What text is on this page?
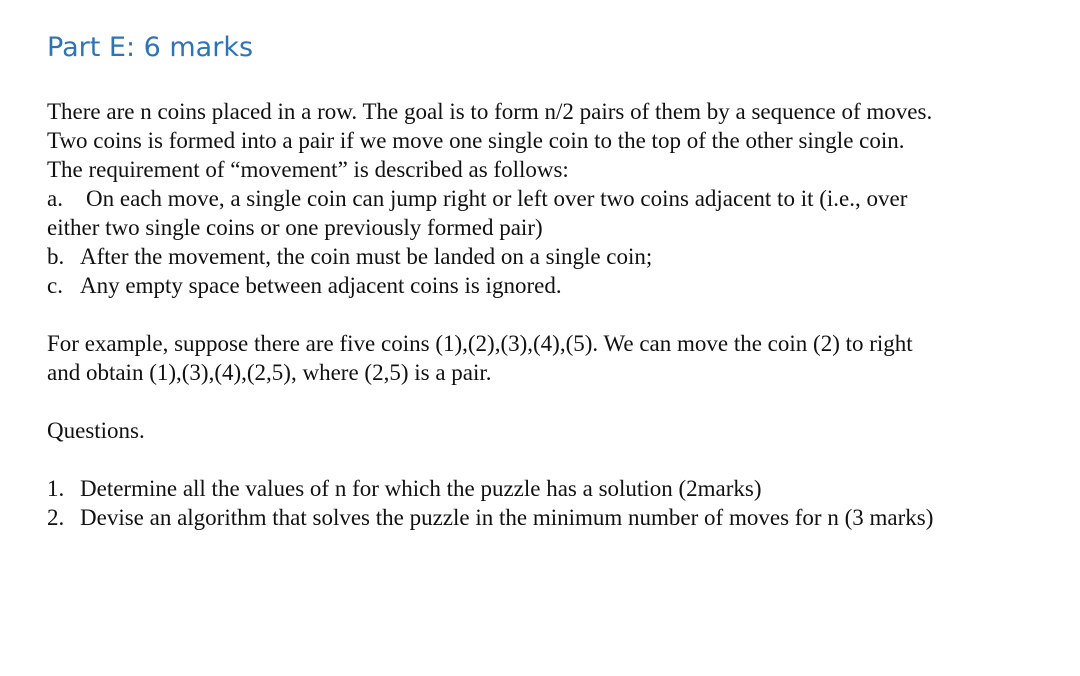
Part E: 6 marks
There are n coins placed in a row. The goal is to form n/2 pairs of them by a sequence of moves.
Two coins is formed into a pair if we move one single coin to the top of the other single coin.
The requirement of “movement” is described as follows:
a. On each move, a single coin can jump right or left over two coins adjacent to it (i.e., over
either two single coins or one previously formed pair)
b. After the movement, the coin must be landed on a single coin;
c. Any empty space between adjacent coins is ignored.
For example, suppose there are five coins (1),(2),(3),(4),(5). We can move the coin (2) to right
and obtain (1),(3),(4),(2,5), where (2,5) is a pair.
Questions.
1. Determine all the values of n for which the puzzle has a solution (2marks)
2. Devise an algorithm that solves the puzzle in the minimum number of moves for n (3 marks)
